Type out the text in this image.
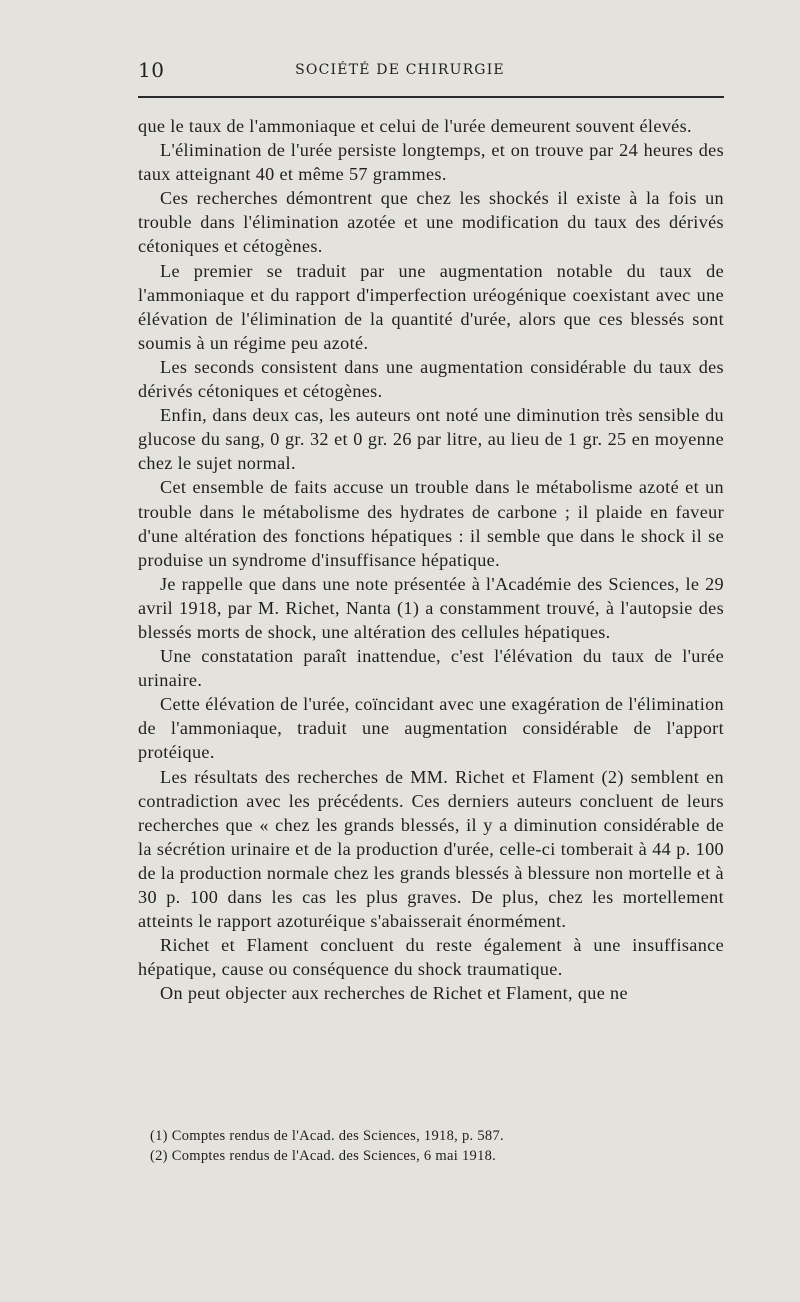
10	SOCIÉTÉ DE CHIRURGIE

que le taux de l'ammoniaque et celui de l'urée demeurent souvent élevés.

L'élimination de l'urée persiste longtemps, et on trouve par 24 heures des taux atteignant 40 et même 57 grammes.

Ces recherches démontrent que chez les shockés il existe à la fois un trouble dans l'élimination azotée et une modification du taux des dérivés cétoniques et cétogènes.

Le premier se traduit par une augmentation notable du taux de l'ammoniaque et du rapport d'imperfection uréogénique coexistant avec une élévation de l'élimination de la quantité d'urée, alors que ces blessés sont soumis à un régime peu azoté.

Les seconds consistent dans une augmentation considérable du taux des dérivés cétoniques et cétogènes.

Enfin, dans deux cas, les auteurs ont noté une diminution très sensible du glucose du sang, 0 gr. 32 et 0 gr. 26 par litre, au lieu de 1 gr. 25 en moyenne chez le sujet normal.

Cet ensemble de faits accuse un trouble dans le métabolisme azoté et un trouble dans le métabolisme des hydrates de carbone ; il plaide en faveur d'une altération des fonctions hépatiques : il semble que dans le shock il se produise un syndrome d'insuffisance hépatique.

Je rappelle que dans une note présentée à l'Académie des Sciences, le 29 avril 1918, par M. Richet, Nanta (1) a constamment trouvé, à l'autopsie des blessés morts de shock, une altération des cellules hépatiques.

Une constatation paraît inattendue, c'est l'élévation du taux de l'urée urinaire.

Cette élévation de l'urée, coïncidant avec une exagération de l'élimination de l'ammoniaque, traduit une augmentation considérable de l'apport protéique.

Les résultats des recherches de MM. Richet et Flament (2) semblent en contradiction avec les précédents. Ces derniers auteurs concluent de leurs recherches que « chez les grands blessés, il y a diminution considérable de la sécrétion urinaire et de la production d'urée, celle-ci tomberait à 44 p. 100 de la production normale chez les grands blessés à blessure non mortelle et à 30 p. 100 dans les cas les plus graves. De plus, chez les mortellement atteints le rapport azoturéique s'abaisserait énormément.

Richet et Flament concluent du reste également à une insuffisance hépatique, cause ou conséquence du shock traumatique.

On peut objecter aux recherches de Richet et Flament, que ne

(1) Comptes rendus de l'Acad. des Sciences, 1918, p. 587.

(2) Comptes rendus de l'Acad. des Sciences, 6 mai 1918.
